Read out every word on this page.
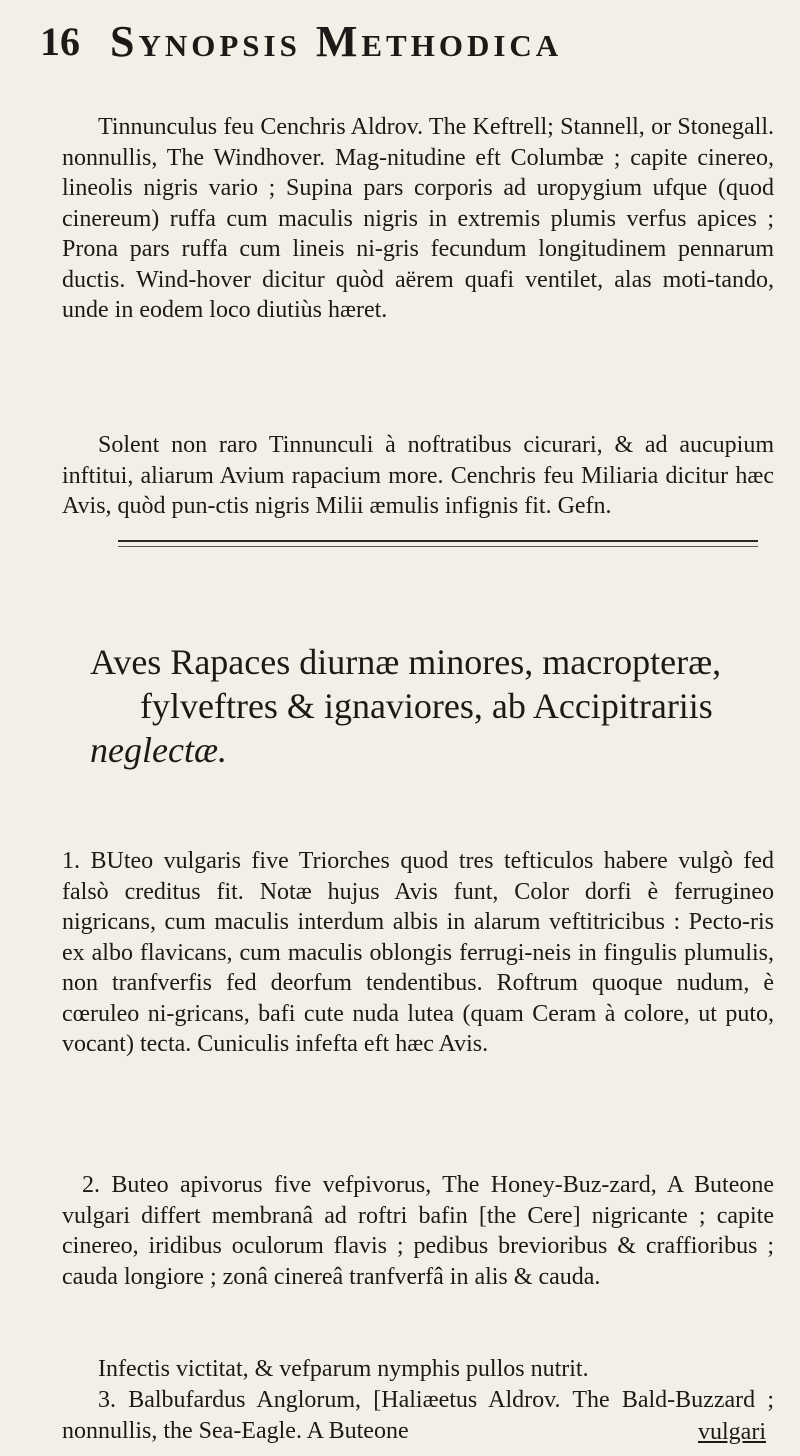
16 Synopsis Methodica

Tinnunculus feu Cenchris Aldrov. The Keftrell; Stannell, or Stonegall. nonnullis, The Windhover. Mag-nitudine eft Columbæ ; capite cinereo, lineolis nigris vario ; Supina pars corporis ad uropygium ufque (quod cinereum) ruffa cum maculis nigris in extremis plumis verfus apices ; Prona pars ruffa cum lineis ni-gris fecundum longitudinem pennarum ductis. Wind-hover dicitur quòd aërem quafi ventilet, alas moti-tando, unde in eodem loco diutiùs hæret.

Solent non raro Tinnunculi à noftratibus cicurari, & ad aucupium inftitui, aliarum Avium rapacium more. Cenchris feu Miliaria dicitur hæc Avis, quòd pun-ctis nigris Milii æmulis infignis fit. Gefn.

Aves Rapaces diurnæ minores, macropteræ,
fylveftres & ignaviores, ab Accipitrariis
neglectæ.

1. BUteo vulgaris five Triorches quod tres tefticulos habere vulgò fed falsò creditus fit. Notæ hujus Avis funt, Color dorfi è ferrugineo nigricans, cum maculis interdum albis in alarum veftitricibus : Pecto-ris ex albo flavicans, cum maculis oblongis ferrugi-neis in fingulis plumulis, non tranfverfis fed deorfum tendentibus. Roftrum quoque nudum, è cœruleo ni-gricans, bafi cute nuda lutea (quam Ceram à colore, ut puto, vocant) tecta. Cuniculis infefta eft hæc Avis.

2. Buteo apivorus five vefpivorus, The Honey-Buz-zard, A Buteone vulgari differt membranâ ad roftri bafin [the Cere] nigricante ; capite cinereo, iridibus oculorum flavis ; pedibus brevioribus & craffioribus ; cauda longiore ; zonâ cinereâ tranfverfâ in alis & cauda.

Infectis victitat, & vefparum nymphis pullos nutrit.

3. Balbufardus Anglorum, [Haliæetus Aldrov. The Bald-Buzzard ; nonnullis, the Sea-Eagle. A Buteone	vulgari
